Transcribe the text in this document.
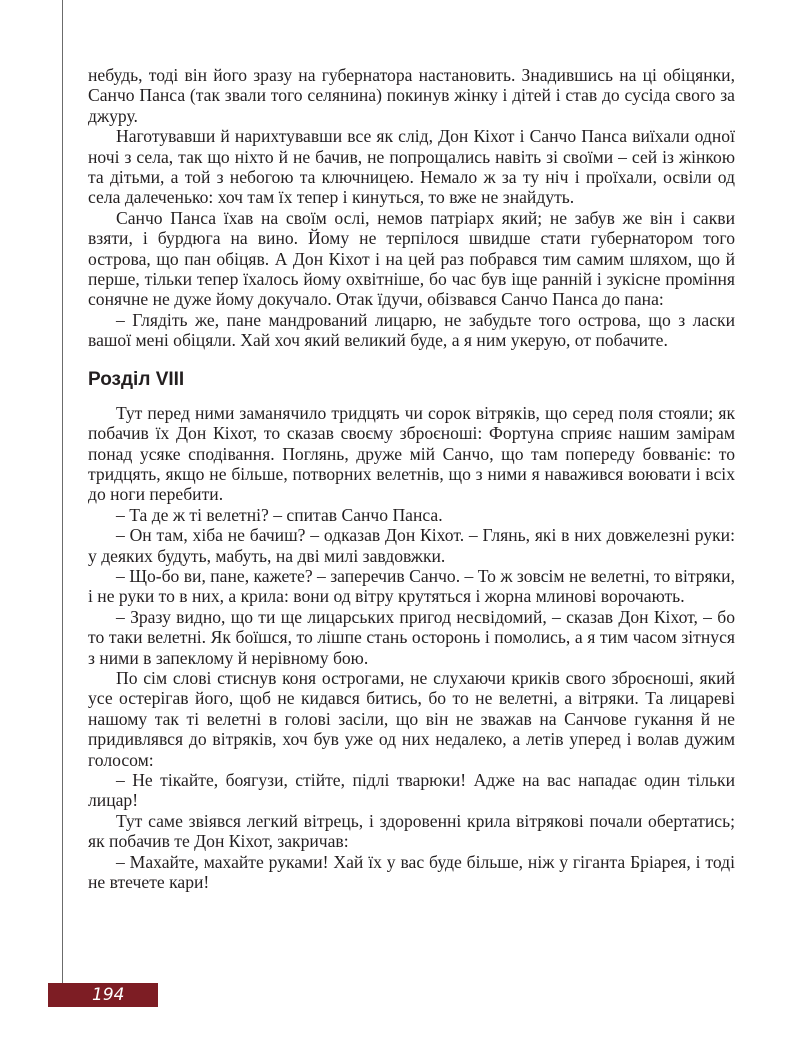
небудь, тоді він його зразу на губернатора настановить. Знадившись на ці обіцянки, Санчо Панса (так звали того селянина) покинув жінку і дітей і став до сусіда свого за джуру.

Наготувавши й нарихтувавши все як слід, Дон Кіхот і Санчо Панса виїхали одної ночі з села, так що ніхто й не бачив, не попрощались навіть зі своїми – сей із жінкою та дітьми, а той з небогою та ключницею. Немало ж за ту ніч і проїхали, освіли од села далеченько: хоч там їх тепер і кинуться, то вже не знайдуть.

Санчо Панса їхав на своїм ослі, немов патріарх який; не забув же він і сакви взяти, і бурдюга на вино. Йому не терпілося швидше стати губернатором того острова, що пан обіцяв. А Дон Кіхот і на цей раз побрався тим самим шляхом, що й перше, тільки тепер їхалось йому охвітніше, бо час був іще ранній і зукісне проміння сонячне не дуже йому докучало. Отак їдучи, обізвався Санчо Панса до пана:

– Глядіть же, пане мандрований лицарю, не забудьте того острова, що з ласки вашої мені обіцяли. Хай хоч який великий буде, а я ним укерую, от побачите.

Розділ VIII

Тут перед ними заманячило тридцять чи сорок вітряків, що серед поля стояли; як побачив їх Дон Кіхот, то сказав своєму зброєноші: Фортуна сприяє нашим замірам понад усяке сподівання. Поглянь, друже мій Санчо, що там попереду бовваніє: то тридцять, якщо не більше, потворних велетнів, що з ними я наважився воювати і всіх до ноги перебити.

– Та де ж ті велетні? – спитав Санчо Панса.

– Он там, хіба не бачиш? – одказав Дон Кіхот. – Глянь, які в них довжелезні руки: у деяких будуть, мабуть, на дві милі завдовжки.

– Що-бо ви, пане, кажете? – заперечив Санчо. – То ж зовсім не велетні, то вітряки, і не руки то в них, а крила: вони од вітру крутяться і жорна млинові ворочають.

– Зразу видно, що ти ще лицарських пригод несвідомий, – сказав Дон Кіхот, – бо то таки велетні. Як боїшся, то лішпе стань осторонь і помолись, а я тим часом зітнуся з ними в запеклому й нерівному бою.

По сім слові стиснув коня острогами, не слухаючи криків свого зброєноші, який усе остерігав його, щоб не кидався битись, бо то не велетні, а вітряки. Та лицареві нашому так ті велетні в голові засіли, що він не зважав на Санчове гукання й не придивлявся до вітряків, хоч був уже од них недалеко, а летів уперед і волав дужим голосом:

– Не тікайте, боягузи, стійте, підлі тварюки! Адже на вас нападає один тільки лицар!

Тут саме звіявся легкий вітрець, і здоровенні крила вітрякові почали обертатись; як побачив те Дон Кіхот, закричав:

– Махайте, махайте руками! Хай їх у вас буде більше, ніж у гіганта Бріарея, і тоді не втечете кари!

194
